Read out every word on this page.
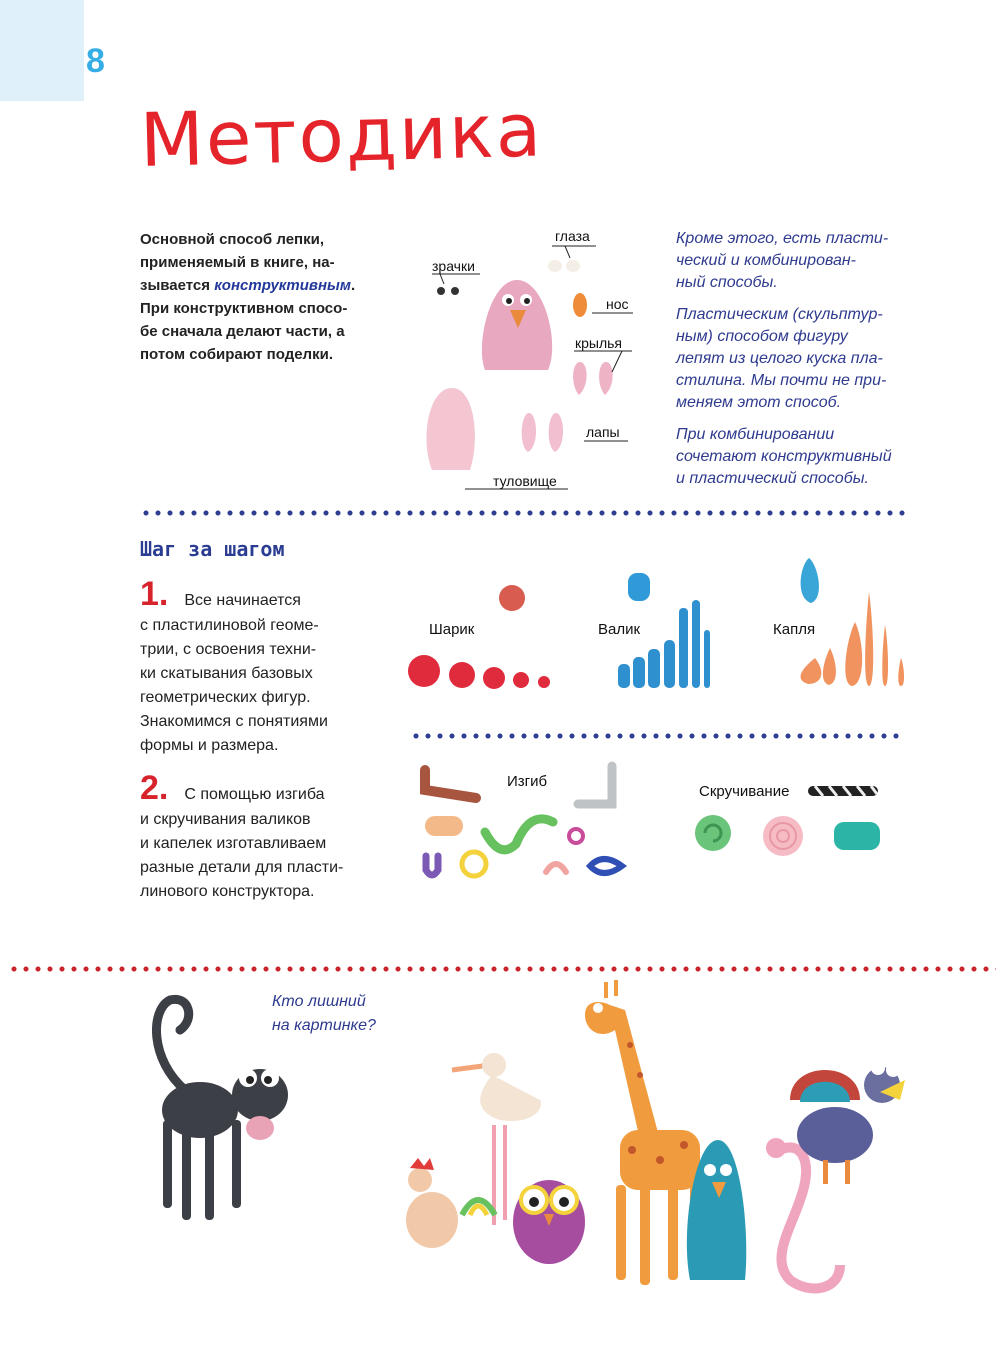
8
Методика
Основной способ лепки,
применяемый в книге, на-
зывается конструктивным.
При конструктивном спосо-
бе сначала делают части, а
потом собирают поделки.

Кроме этого, есть пласти-
ческий и комбинирован-
ный способы.

Пластическим (скульптур-
ным) способом фигуру
лепят из целого куска пла-
стилина. Мы почти не при-
меняем этот способ.

При комбинировании
сочетают конструктивный
и пластический способы.

глаза
зрачки
нос
крылья
лапы
туловище
Шаг за шагом
1. Все начинается
с пластилиновой геоме-
трии, с освоения техни-
ки скатывания базовых
геометрических фигур.
Знакомимся с понятиями
формы и размера.
Шарик	Валик	Капля
2. С помощью изгиба
и скручивания валиков
и капелек изготавливаем
разные детали для пласти-
линового конструктора.
Изгиб
Скручивание
Кто лишний
на картинке?
